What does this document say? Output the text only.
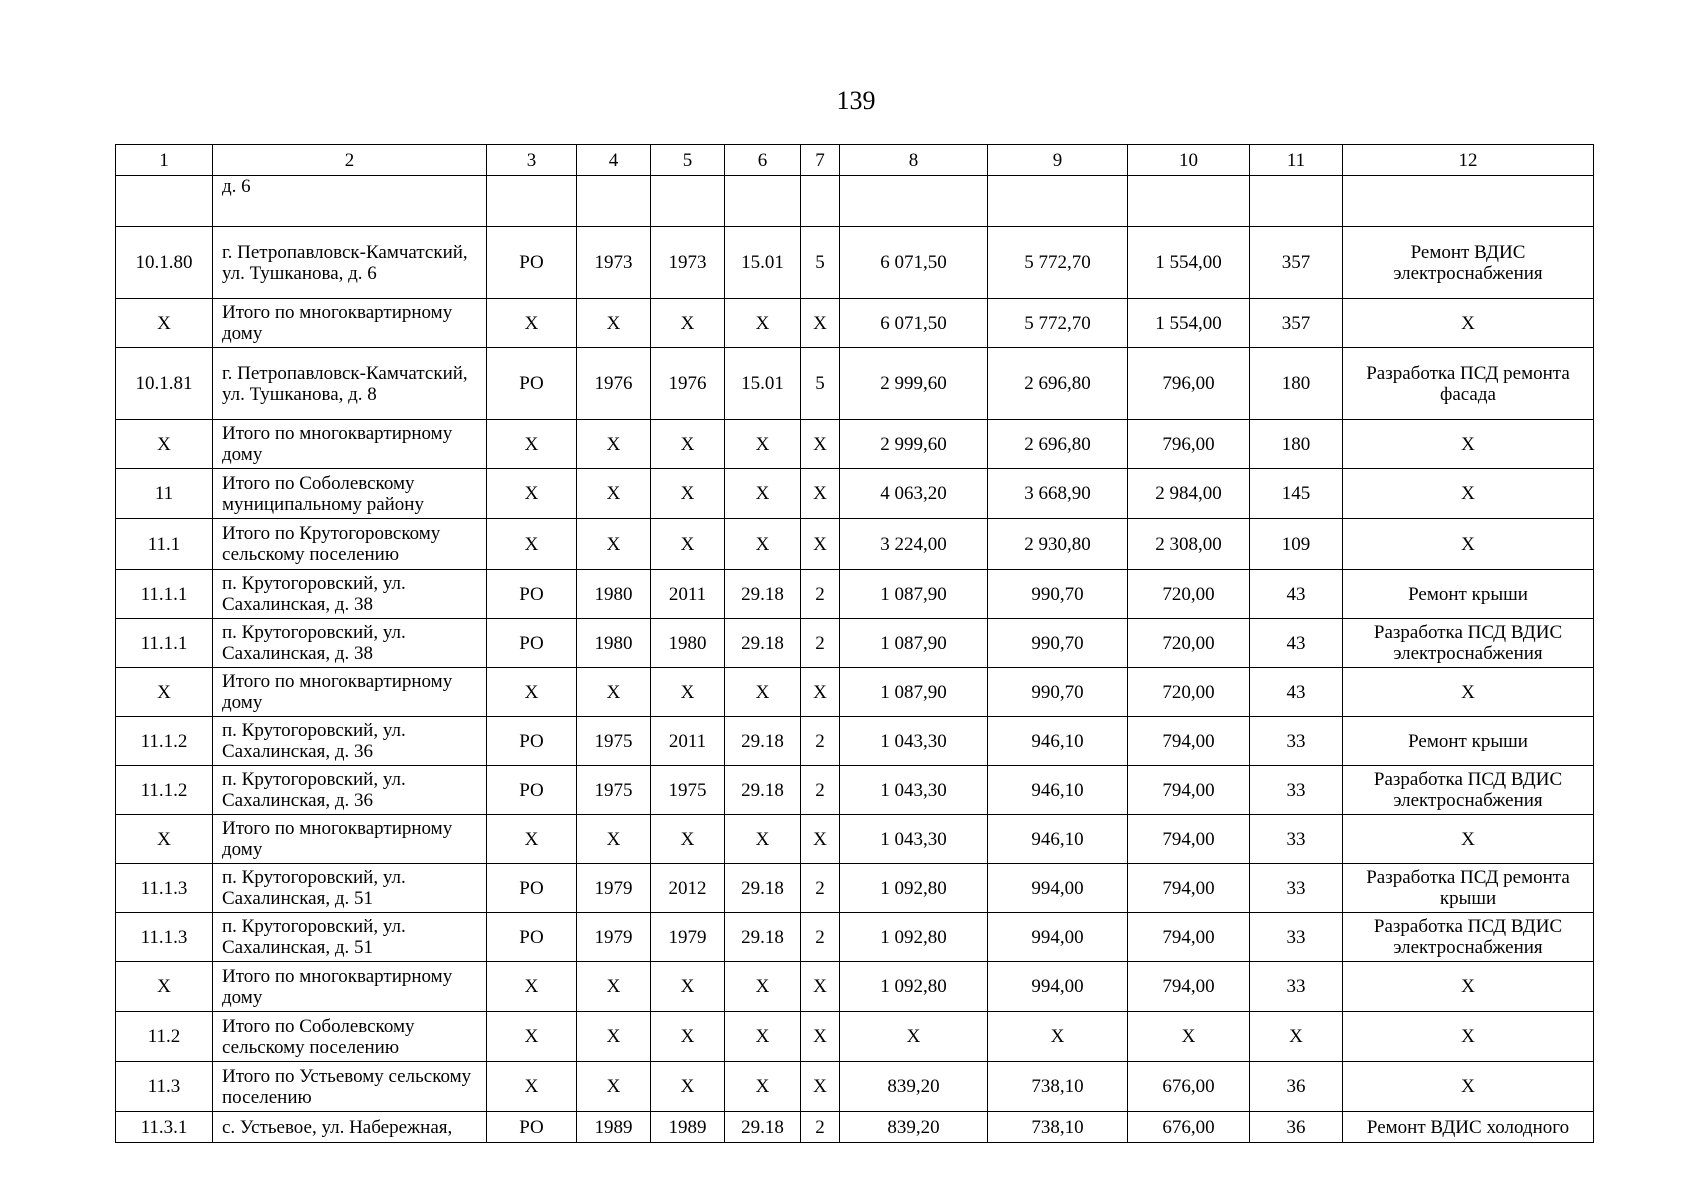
139
1	2	3	4	5	6	7	8	9	10	11	12
	д. 6										
10.1.80	г. Петропавловск-Камчатский, ул. Тушканова, д. 6	РО	1973	1973	15.01	5	6 071,50	5 772,70	1 554,00	357	Ремонт ВДИС электроснабжения
X	Итого по многоквартирному дому	X	X	X	X	X	6 071,50	5 772,70	1 554,00	357	X
10.1.81	г. Петропавловск-Камчатский, ул. Тушканова, д. 8	РО	1976	1976	15.01	5	2 999,60	2 696,80	796,00	180	Разработка ПСД ремонта фасада
X	Итого по многоквартирному дому	X	X	X	X	X	2 999,60	2 696,80	796,00	180	X
11	Итого по Соболевскому муниципальному району	X	X	X	X	X	4 063,20	3 668,90	2 984,00	145	X
11.1	Итого по Крутогоровскому сельскому поселению	X	X	X	X	X	3 224,00	2 930,80	2 308,00	109	X
11.1.1	п. Крутогоровский, ул. Сахалинская, д. 38	РО	1980	2011	29.18	2	1 087,90	990,70	720,00	43	Ремонт крыши
11.1.1	п. Крутогоровский, ул. Сахалинская, д. 38	РО	1980	1980	29.18	2	1 087,90	990,70	720,00	43	Разработка ПСД ВДИС электроснабжения
X	Итого по многоквартирному дому	X	X	X	X	X	1 087,90	990,70	720,00	43	X
11.1.2	п. Крутогоровский, ул. Сахалинская, д. 36	РО	1975	2011	29.18	2	1 043,30	946,10	794,00	33	Ремонт крыши
11.1.2	п. Крутогоровский, ул. Сахалинская, д. 36	РО	1975	1975	29.18	2	1 043,30	946,10	794,00	33	Разработка ПСД ВДИС электроснабжения
X	Итого по многоквартирному дому	X	X	X	X	X	1 043,30	946,10	794,00	33	X
11.1.3	п. Крутогоровский, ул. Сахалинская, д. 51	РО	1979	2012	29.18	2	1 092,80	994,00	794,00	33	Разработка ПСД ремонта крыши
11.1.3	п. Крутогоровский, ул. Сахалинская, д. 51	РО	1979	1979	29.18	2	1 092,80	994,00	794,00	33	Разработка ПСД ВДИС электроснабжения
X	Итого по многоквартирному дому	X	X	X	X	X	1 092,80	994,00	794,00	33	X
11.2	Итого по Соболевскому сельскому поселению	X	X	X	X	X	X	X	X	X	X
11.3	Итого по Устьевому сельскому поселению	X	X	X	X	X	839,20	738,10	676,00	36	X
11.3.1	с. Устьевое, ул. Набережная,	РО	1989	1989	29.18	2	839,20	738,10	676,00	36	Ремонт ВДИС холодного
